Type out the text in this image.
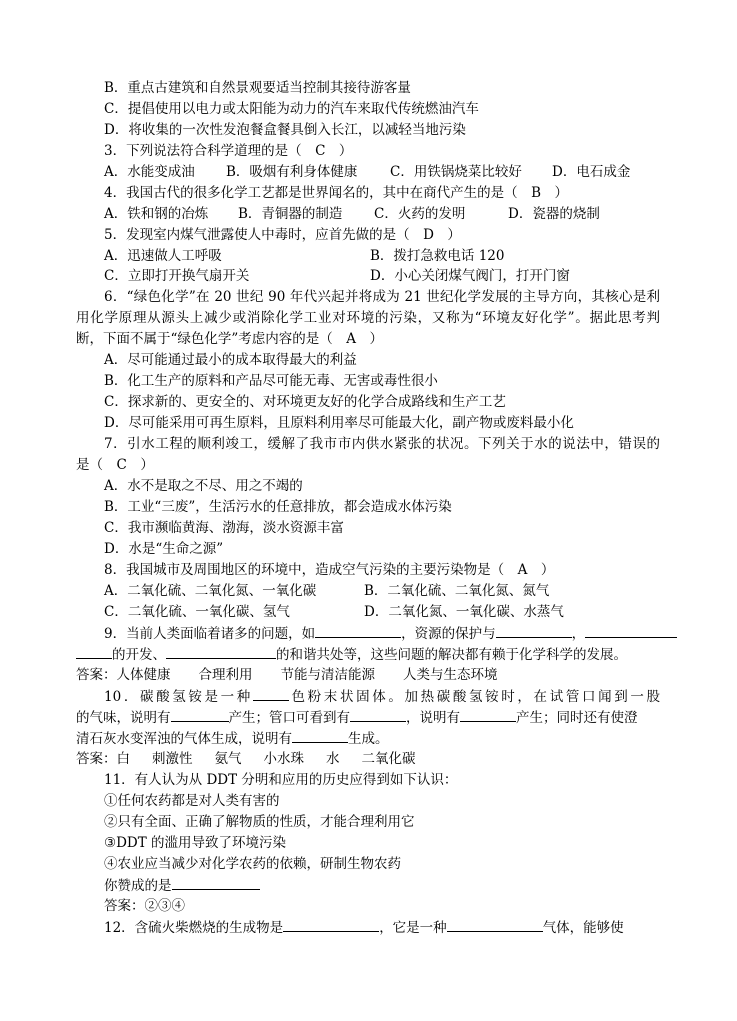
B．重点古建筑和自然景观要适当控制其接待游客量
C．提倡使用以电力或太阳能为动力的汽车来取代传统燃油汽车
D．将收集的一次性发泡餐盒餐具倒入长江，以减轻当地污染
3．下列说法符合科学道理的是（　C　）
A．水能变成油 B．吸烟有利身体健康 C．用铁锅烧菜比较好 D．电石成金
4．我国古代的很多化学工艺都是世界闻名的，其中在商代产生的是（　B　）
A．铁和钢的冶炼 B．青铜器的制造 C．火药的发明	D．瓷器的烧制
5．发现室内煤气泄露使人中毒时，应首先做的是（　D　）
A．迅速做人工呼吸	B．拨打急救电话 120
C．立即打开换气扇开关	D．小心关闭煤气阀门，打开门窗
6．“绿色化学”在 20 世纪 90 年代兴起并将成为 21 世纪化学发展的主导方向，其核心是利
用化学原理从源头上减少或消除化学工业对环境的污染，又称为“环境友好化学”。据此思考判
断，下面不属于“绿色化学”考虑内容的是（　A　）
A．尽可能通过最小的成本取得最大的利益
B．化工生产的原料和产品尽可能无毒、无害或毒性很小
C．探求新的、更安全的、对环境更友好的化学合成路线和生产工艺
D．尽可能采用可再生原料，且原料利用率尽可能最大化，副产物或废料最小化
7．引水工程的顺利竣工，缓解了我市市内供水紧张的状况。下列关于水的说法中，错误的
是（　C　）
A．水不是取之不尽、用之不竭的
B．工业“三废”，生活污水的任意排放，都会造成水体污染
C．我市濒临黄海、渤海，淡水资源丰富
D．水是“生命之源”
8．我国城市及周围地区的环境中，造成空气污染的主要污染物是（　A　）
A．二氧化硫、二氧化氮、一氧化碳	B．二氧化硫、二氧化氮、氮气
C．二氧化硫、一氧化碳、氢气	D．二氧化氮、一氧化碳、水蒸气
9．当前人类面临着诸多的问题，如	，资源的保护与	，
的开发、	的和谐共处等，这些问题的解决都有赖于化学科学的发展。
答案：人体健康 合理利用 节能与清洁能源 人类与生态环境
10．碳酸氢铵是一种	色粉末状固体。加热碳酸氢铵时，在试管口闻到一股
的气味，说明有	产生；管口可看到有	，说明有	产生；同时还有使澄
清石灰水变浑浊的气体生成，说明有	生成。
答案：白 刺激性 氨气 小水珠 水 二氧化碳
11．有人认为从 DDT 分明和应用的历史应得到如下认识：
①任何农药都是对人类有害的
②只有全面、正确了解物质的性质，才能合理利用它
③DDT 的滥用导致了环境污染
④农业应当减少对化学农药的依赖，研制生物农药
你赞成的是
答案：②③④
12．含硫火柴燃烧的生成物是	，它是一种	气体，能够使
